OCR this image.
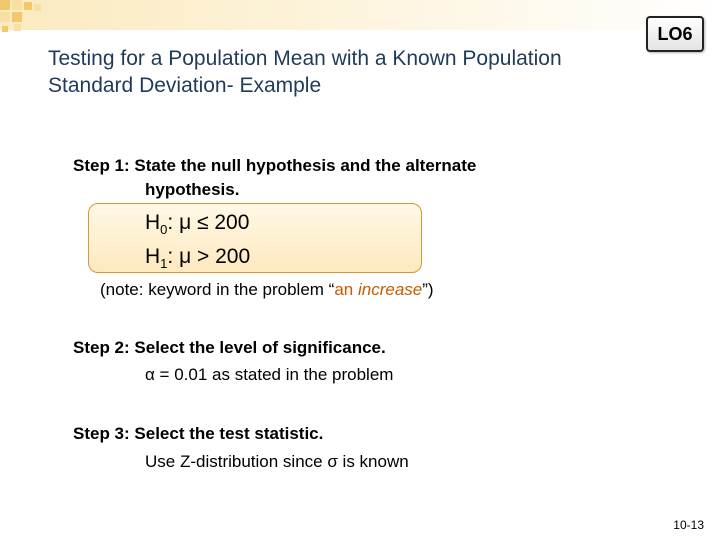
Testing for a Population Mean with a Known Population Standard Deviation- Example
LO6
Step 1: State the null hypothesis and the alternate
hypothesis.
$H_0$: μ ≤ 200
$H_1$: μ > 200
(note: keyword in the problem “an increase”)
Step 2: Select the level of significance.
α = 0.01 as stated in the problem
Step 3: Select the test statistic.
Use Z-distribution since σ is known
10-13
